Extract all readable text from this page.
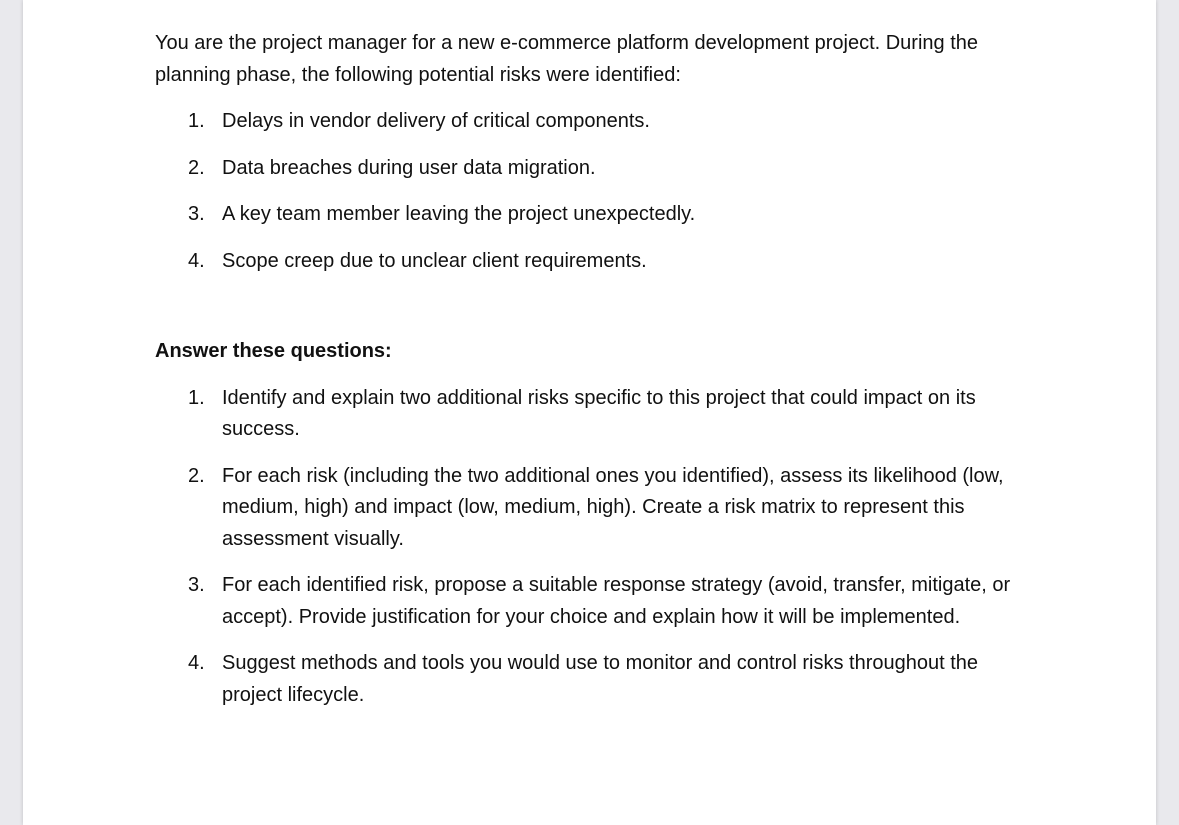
You are the project manager for a new e-commerce platform development project. During the planning phase, the following potential risks were identified:

1. Delays in vendor delivery of critical components.
2. Data breaches during user data migration.
3. A key team member leaving the project unexpectedly.
4. Scope creep due to unclear client requirements.

Answer these questions:

1. Identify and explain two additional risks specific to this project that could impact on its success.
2. For each risk (including the two additional ones you identified), assess its likelihood (low, medium, high) and impact (low, medium, high). Create a risk matrix to represent this assessment visually.
3. For each identified risk, propose a suitable response strategy (avoid, transfer, mitigate, or accept). Provide justification for your choice and explain how it will be implemented.
4. Suggest methods and tools you would use to monitor and control risks throughout the project lifecycle.
